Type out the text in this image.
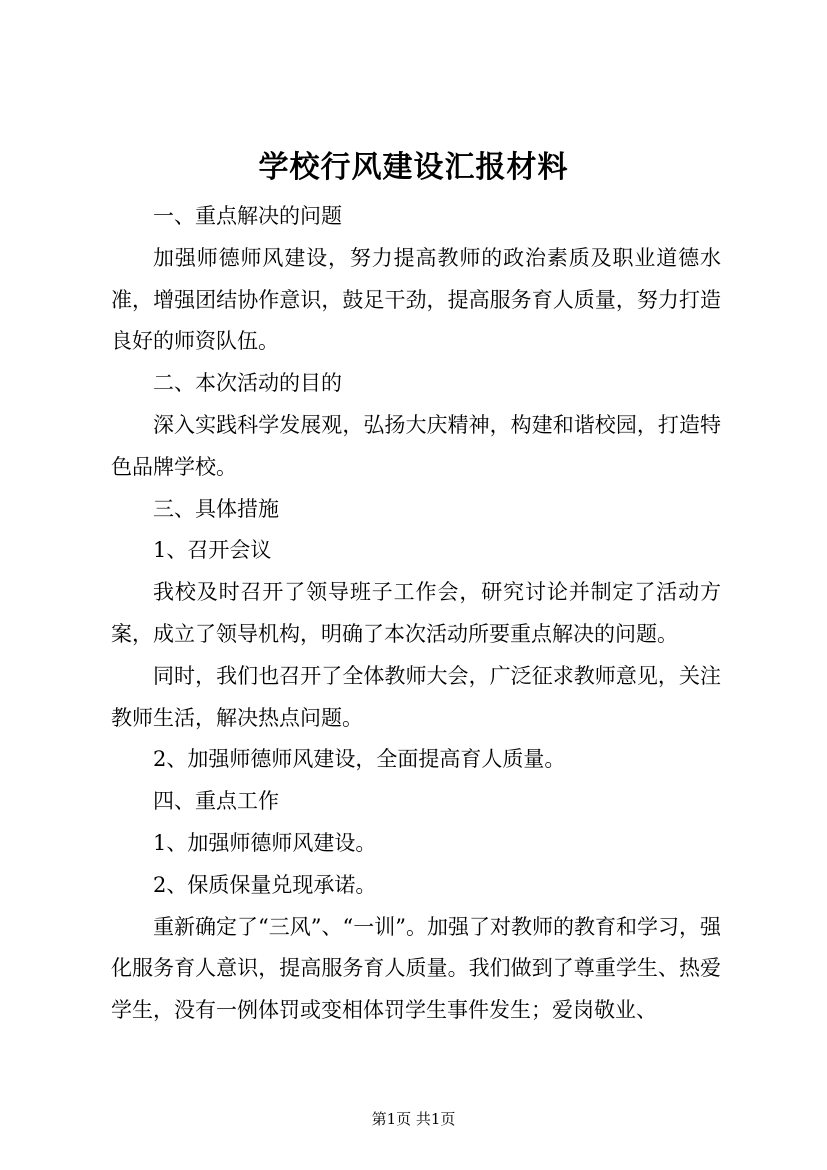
学校行风建设汇报材料

一、重点解决的问题

加强师德师风建设，努力提高教师的政治素质及职业道德水准，增强团结协作意识，鼓足干劲，提高服务育人质量，努力打造良好的师资队伍。

二、本次活动的目的

深入实践科学发展观，弘扬大庆精神，构建和谐校园，打造特色品牌学校。

三、具体措施

1、召开会议

我校及时召开了领导班子工作会，研究讨论并制定了活动方案，成立了领导机构，明确了本次活动所要重点解决的问题。

同时，我们也召开了全体教师大会，广泛征求教师意见，关注教师生活，解决热点问题。

2、加强师德师风建设，全面提高育人质量。

四、重点工作

1、加强师德师风建设。

2、保质保量兑现承诺。

重新确定了“三风”、“一训”。加强了对教师的教育和学习，强化服务育人意识，提高服务育人质量。我们做到了尊重学生、热爱学生，没有一例体罚或变相体罚学生事件发生；爱岗敬业、

第1页 共1页
